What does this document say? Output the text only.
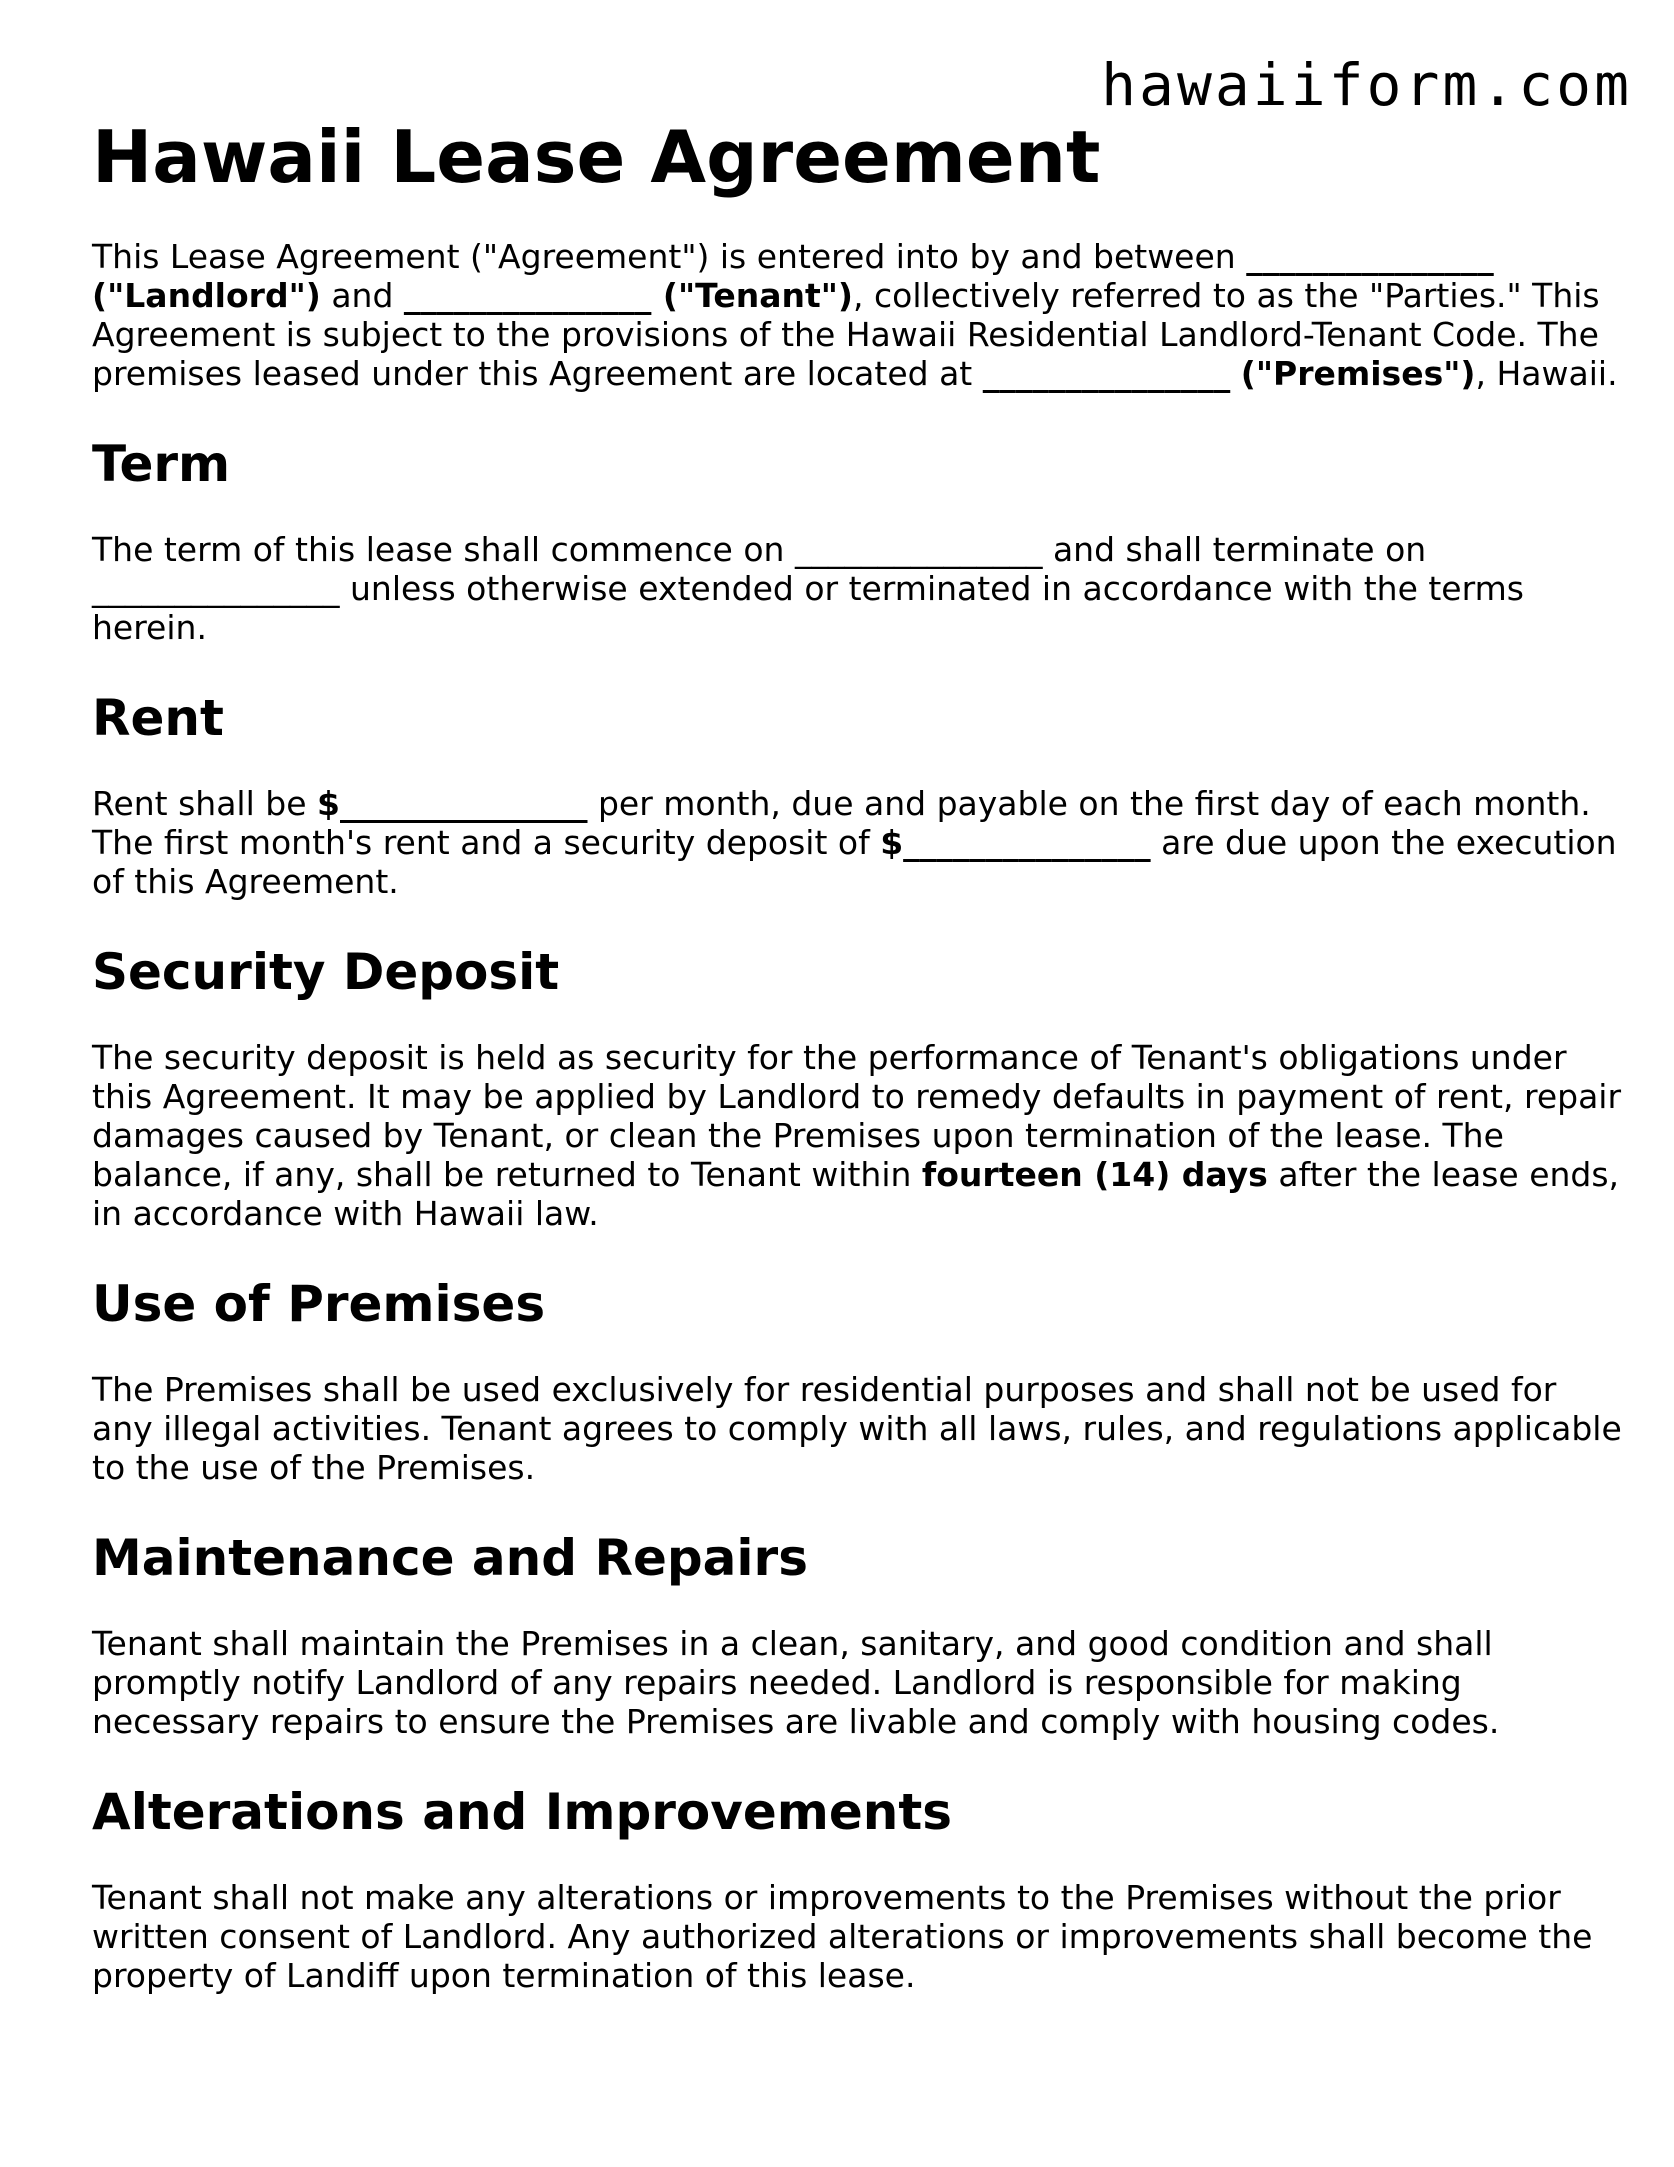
hawaiiform.com
Hawaii Lease Agreement

This Lease Agreement ("Agreement") is entered into by and between _______________ ("Landlord") and _______________ ("Tenant"), collectively referred to as the "Parties." This Agreement is subject to the provisions of the Hawaii Residential Landlord-Tenant Code. The premises leased under this Agreement are located at _______________ ("Premises"), Hawaii.

Term

The term of this lease shall commence on _______________ and shall terminate on _______________ unless otherwise extended or terminated in accordance with the terms herein.

Rent

Rent shall be $_______________ per month, due and payable on the first day of each month. The first month's rent and a security deposit of $_______________ are due upon the execution of this Agreement.

Security Deposit

The security deposit is held as security for the performance of Tenant's obligations under this Agreement. It may be applied by Landlord to remedy defaults in payment of rent, repair damages caused by Tenant, or clean the Premises upon termination of the lease. The balance, if any, shall be returned to Tenant within fourteen (14) days after the lease ends, in accordance with Hawaii law.

Use of Premises

The Premises shall be used exclusively for residential purposes and shall not be used for any illegal activities. Tenant agrees to comply with all laws, rules, and regulations applicable to the use of the Premises.

Maintenance and Repairs

Tenant shall maintain the Premises in a clean, sanitary, and good condition and shall promptly notify Landlord of any repairs needed. Landlord is responsible for making necessary repairs to ensure the Premises are livable and comply with housing codes.

Alterations and Improvements

Tenant shall not make any alterations or improvements to the Premises without the prior written consent of Landlord. Any authorized alterations or improvements shall become the property of Landiff upon termination of this lease.
